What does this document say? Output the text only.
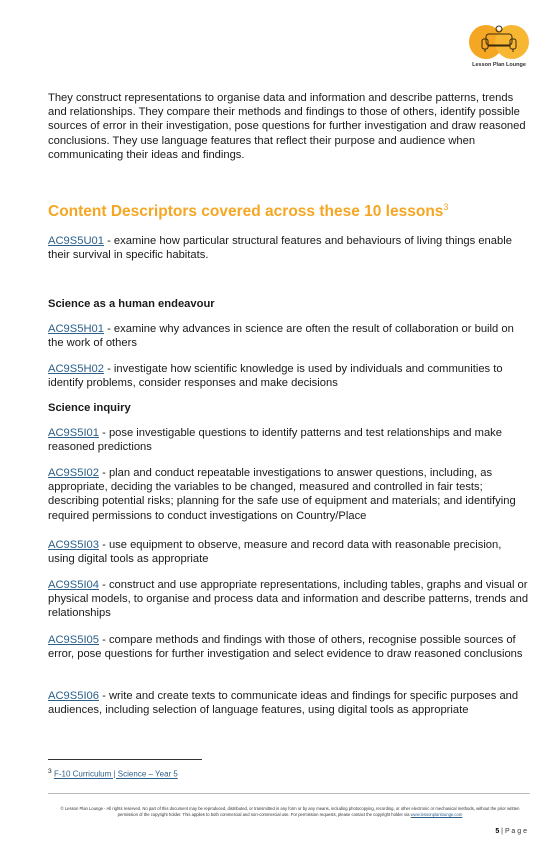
Lesson Plan Lounge

They construct representations to organise data and information and describe patterns, trends and relationships. They compare their methods and findings to those of others, identify possible sources of error in their investigation, pose questions for further investigation and draw reasoned conclusions. They use language features that reflect their purpose and audience when communicating their ideas and findings.

Content Descriptors covered across these 10 lessons$^3$

AC9S5U01 - examine how particular structural features and behaviours of living things enable their survival in specific habitats.

Science as a human endeavour

AC9S5H01 - examine why advances in science are often the result of collaboration or build on the work of others

AC9S5H02 - investigate how scientific knowledge is used by individuals and communities to identify problems, consider responses and make decisions

Science inquiry

AC9S5I01 - pose investigable questions to identify patterns and test relationships and make reasoned predictions

AC9S5I02 - plan and conduct repeatable investigations to answer questions, including, as appropriate, deciding the variables to be changed, measured and controlled in fair tests; describing potential risks; planning for the safe use of equipment and materials; and identifying required permissions to conduct investigations on Country/Place

AC9S5I03 - use equipment to observe, measure and record data with reasonable precision, using digital tools as appropriate

AC9S5I04 - construct and use appropriate representations, including tables, graphs and visual or physical models, to organise and process data and information and describe patterns, trends and relationships

AC9S5I05 - compare methods and findings with those of others, recognise possible sources of error, pose questions for further investigation and select evidence to draw reasoned conclusions

AC9S5I06 - write and create texts to communicate ideas and findings for specific purposes and audiences, including selection of language features, using digital tools as appropriate

$^3$ F-10 Curriculum | Science – Year 5

© Lesson Plan Lounge - All rights reserved. No part of this document may be reproduced, distributed, or transmitted in any form or by any means, including photocopying, recording, or other electronic or mechanical methods, without the prior written permission of the copyright holder. This applies to both commercial and non-commercial use. For permission requests, please contact the copyright holder via www.lessonplanlounge.com

5 | P a g e
